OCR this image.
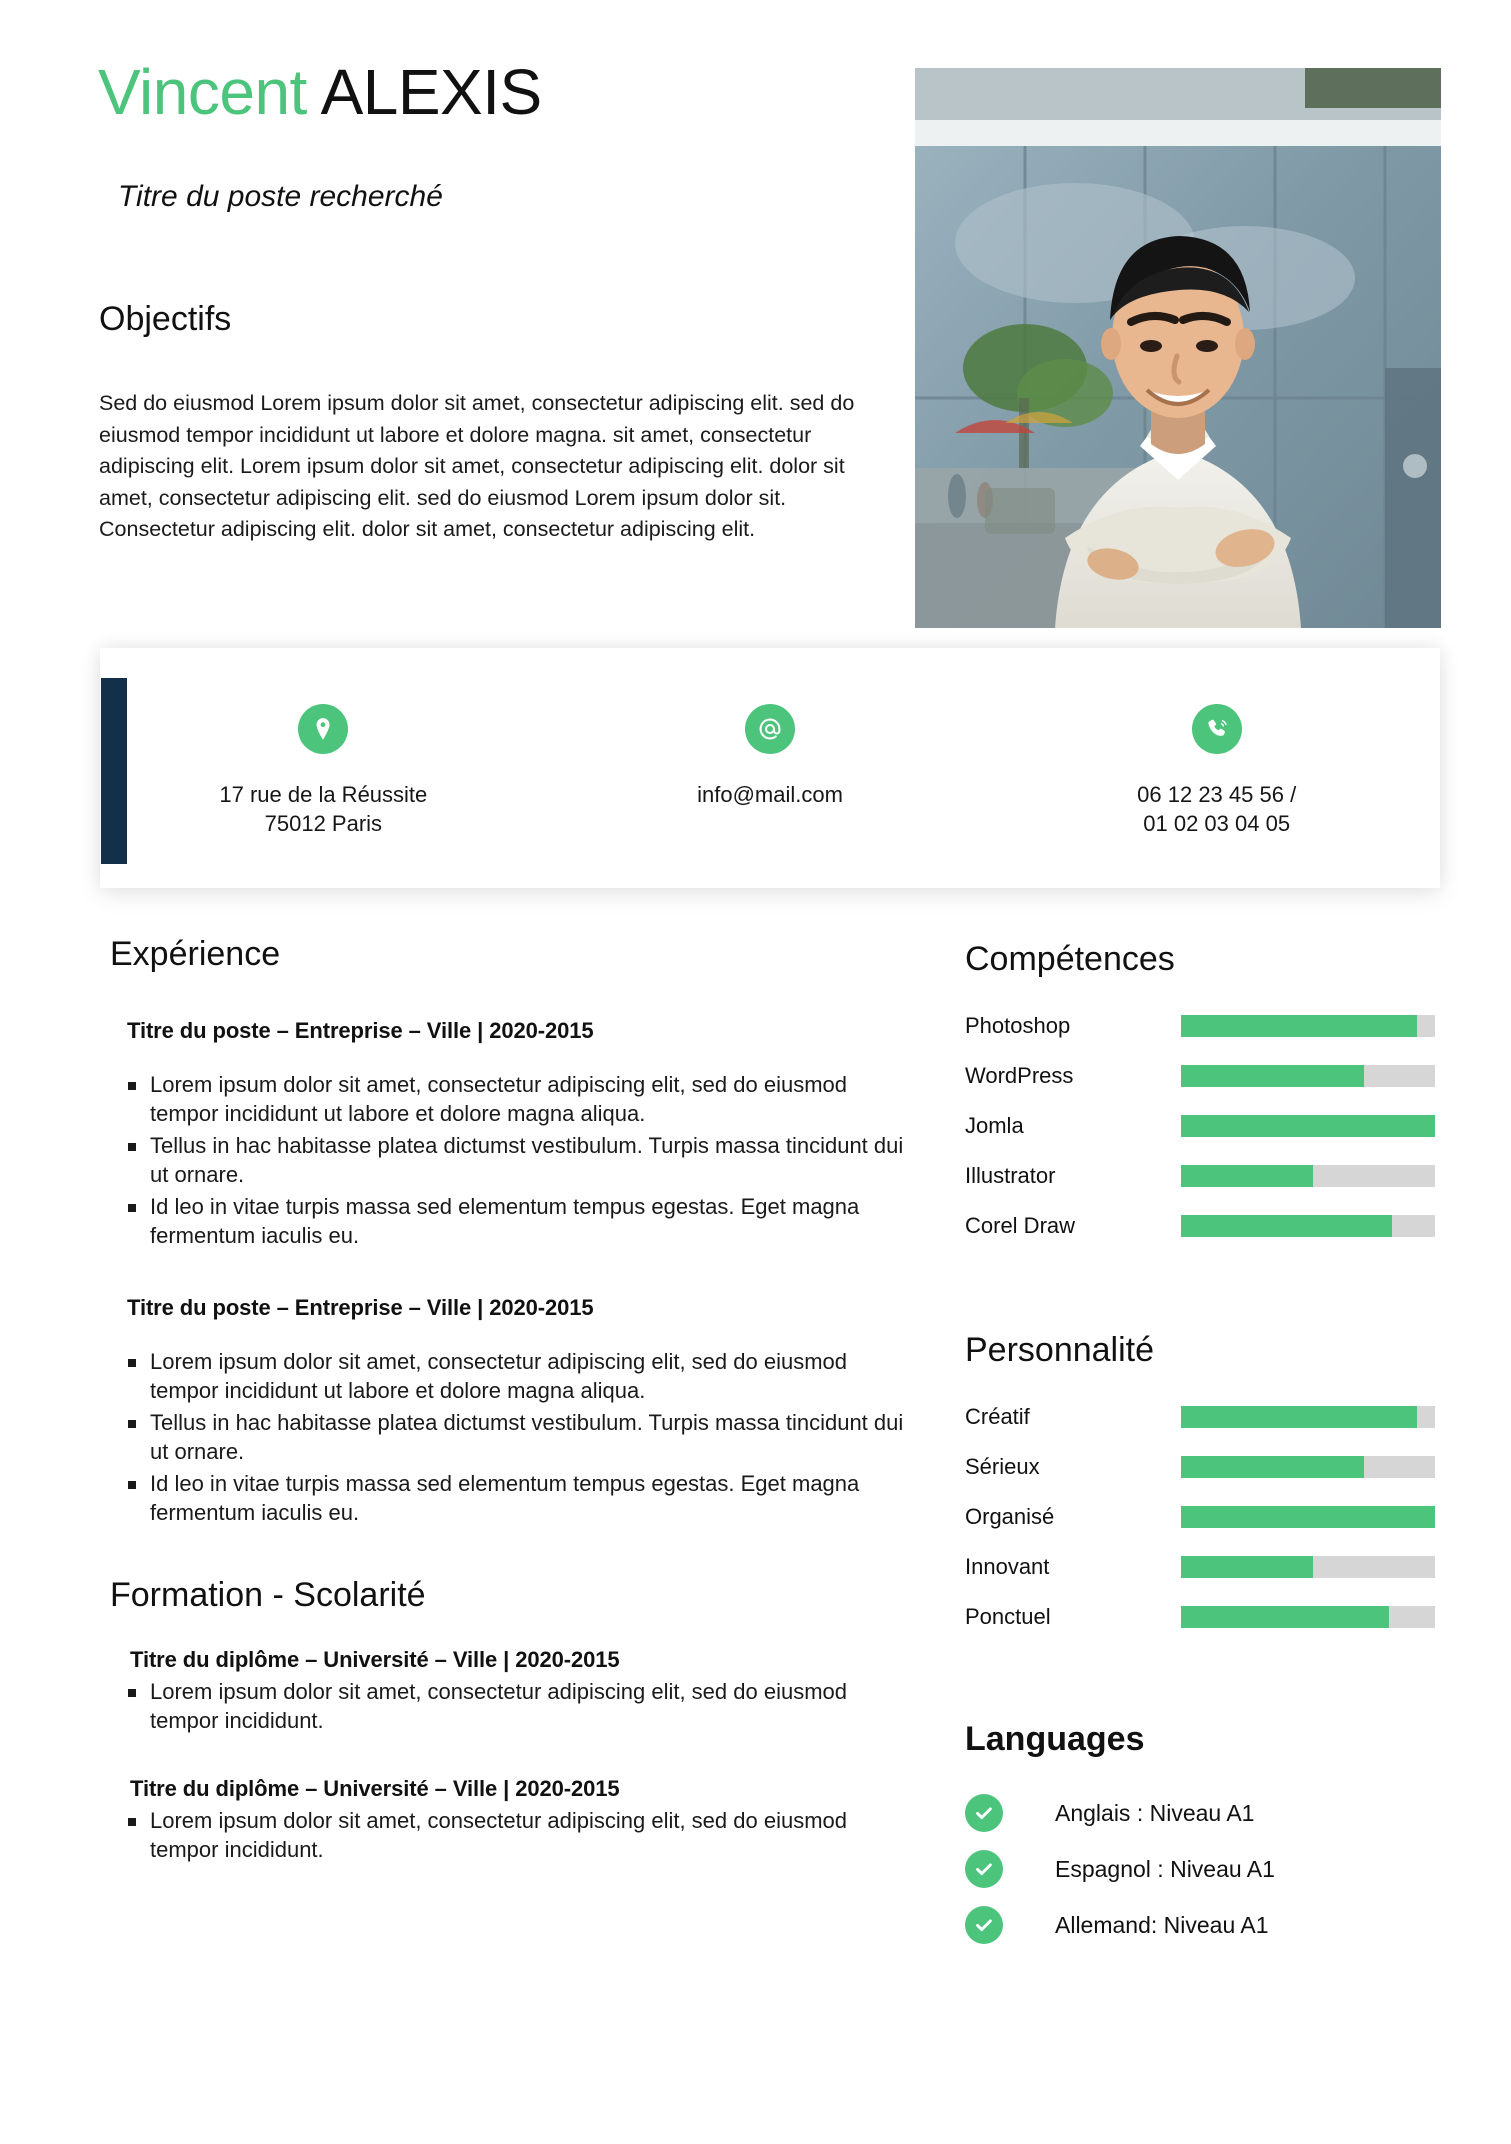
Vincent ALEXIS
Titre du poste recherché
Objectifs
Sed do eiusmod Lorem ipsum dolor sit amet, consectetur adipiscing elit. sed do eiusmod tempor incididunt ut labore et dolore magna. sit amet, consectetur adipiscing elit. Lorem ipsum dolor sit amet, consectetur adipiscing elit. dolor sit amet, consectetur adipiscing elit. sed do eiusmod Lorem ipsum dolor sit. Consectetur adipiscing elit. dolor sit amet, consectetur adipiscing elit.
17 rue de la Réussite
75012 Paris
info@mail.com	06 12 23 45 56 /
01 02 03 04 05
Expérience
Titre du poste – Entreprise – Ville | 2020-2015
Lorem ipsum dolor sit amet, consectetur adipiscing elit, sed do eiusmod tempor incididunt ut labore et dolore magna aliqua.
Tellus in hac habitasse platea dictumst vestibulum. Turpis massa tincidunt dui ut ornare.
Id leo in vitae turpis massa sed elementum tempus egestas. Eget magna fermentum iaculis eu.
Titre du poste – Entreprise – Ville | 2020-2015
Lorem ipsum dolor sit amet, consectetur adipiscing elit, sed do eiusmod tempor incididunt ut labore et dolore magna aliqua.
Tellus in hac habitasse platea dictumst vestibulum. Turpis massa tincidunt dui ut ornare.
Id leo in vitae turpis massa sed elementum tempus egestas. Eget magna fermentum iaculis eu.
Formation - Scolarité
Titre du diplôme – Université – Ville | 2020-2015
Lorem ipsum dolor sit amet, consectetur adipiscing elit, sed do eiusmod tempor incididunt.
Titre du diplôme – Université – Ville | 2020-2015
Lorem ipsum dolor sit amet, consectetur adipiscing elit, sed do eiusmod tempor incididunt.
Compétences
Photoshop
WordPress
Jomla
Illustrator
Corel Draw
Personnalité
Créatif
Sérieux
Organisé
Innovant
Ponctuel
Languages
Anglais : Niveau A1
Espagnol : Niveau A1
Allemand: Niveau A1
